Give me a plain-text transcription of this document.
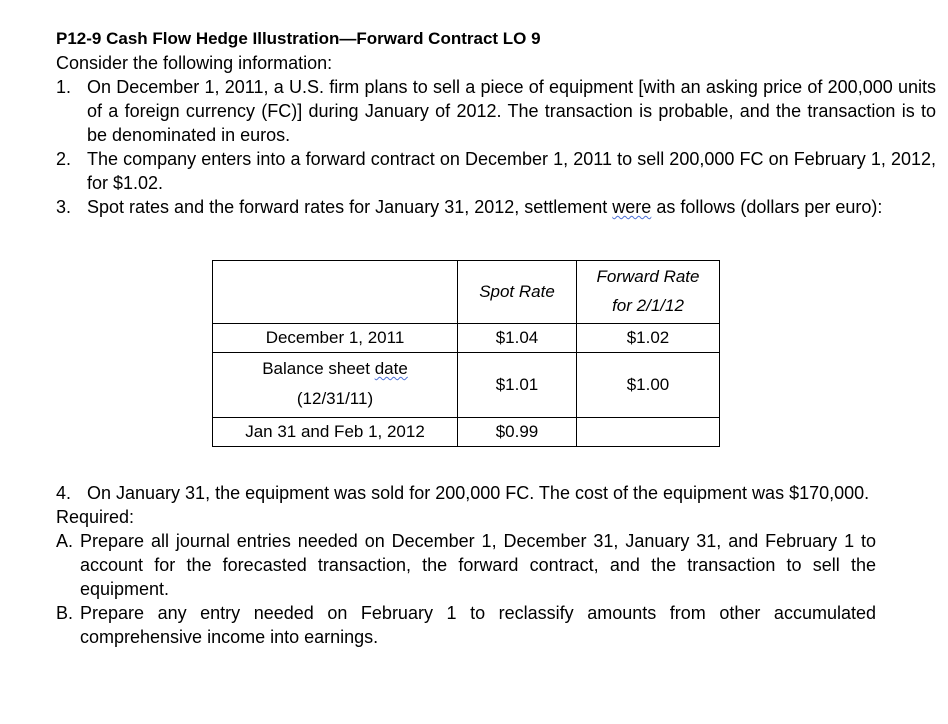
P12-9 Cash Flow Hedge Illustration—Forward Contract LO 9

Consider the following information:

1. On December 1, 2011, a U.S. firm plans to sell a piece of equipment [with an asking price of 200,000 units of a foreign currency (FC)] during January of 2012. The transaction is probable, and the transaction is to be denominated in euros.
2. The company enters into a forward contract on December 1, 2011 to sell 200,000 FC on February 1, 2012, for $1.02.
3. Spot rates and the forward rates for January 31, 2012, settlement were as follows (dollars per euro):
	Spot Rate	Forward Rate
for 2/1/12

December 1, 2011	$1.04	$1.02

Balance sheet date
(12/31/11)	$1.01	$1.00
Jan 31 and Feb 1, 2012	$0.99	
4. On January 31, the equipment was sold for 200,000 FC. The cost of the equipment was $170,000.
Required:
A. Prepare all journal entries needed on December 1, December 31, January 31, and February 1 to account for the forecasted transaction, the forward contract, and the transaction to sell the equipment.
B. Prepare any entry needed on February 1 to reclassify amounts from other accumulated comprehensive income into earnings.
